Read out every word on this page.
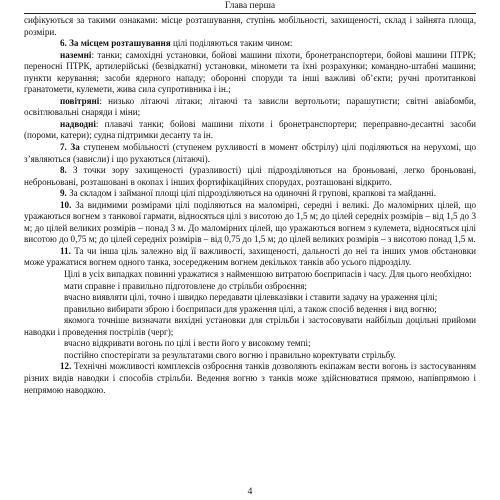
Глава перша

сифікуються за такими ознаками: місце розташування, ступінь мобільності, захищеності, склад і зайнята площа, розміри.

6. За місцем розташування цілі поділяються таким чином:

наземні: танки; самохідні установки, бойові машини піхоти, бронетранспортери, бойові машини ПТРК; переносні ПТРК, артилерійські (безвідкатні) установки, міномети та їхні розрахунки; командно-штабні машини; пункти керування; засоби ядерного нападу; оборонні споруди та інші важливі об’єкти; ручні протитанкові гранатомети, кулемети, жива сила супротивника і ін.;

повітряні: низько літаючі літаки; літаючі та зависли вертольоти; парашутисти; світні авіабомби, освітлювальні снаряди і міни;

надводні: плавачі танки; бойові машини піхоти і бронетранспортери; переправно-десантні засоби (пороми, катери); судна підтримки десанту та ін.

7. За ступенем мобільності (ступенем рухливості в момент обстрілу) цілі поділяються на нерухомі, що з’являються (зависли) і що рухаються (літаючі).

8. З точки зору захищеності (уразливості) цілі підрозділяються на броньовані, легко броньовані, неброньовані, розташовані в окопах і інших фортифікаційних спорудах, розташовані відкрито.

9. За складом і займаної площі цілі підрозділяються на одиночні й групові, крапкові та майданні.

10. За видимими розмірами цілі поділяються на маломірні, середні і великі. До маломірних цілей, що уражаються вогнем з танкової гармати, відносяться цілі з висотою до 1,5 м; до цілей середніх розмірів – від 1,5 до 3 м; до цілей великих розмірів – понад 3 м. До маломірних цілей, що уражаються вогнем з кулемета, відносяться цілі висотою до 0,75 м; до цілей середніх розмірів – від 0,75 до 1,5 м; до цілей великих розмірів – з висотою понад 1,5 м.

11. Та чи інша ціль залежно від її важливості, захищеності, дальності до неї та інших умов обстановки може уражатися вогнем одного танка, зосередженим вогнем декількох танків або усього підрозділу.

Цілі в усіх випадках повинні уражатися з найменшою витратою боєприпасів і часу. Для цього необхідно:

мати справне і правильно підготовлене до стрільби озброєння;

вчасно виявляти цілі, точно і швидко передавати цілевказівки і ставити задачу на ураження цілі;

правильно вибирати зброю і боєприпаси для ураження цілі, а також спосіб ведення і вид вогню;

якомога точніше визначати вихідні установки для стрільби і застосовувати найбільш доцільні прийоми наводки і проведення пострілів (черг);

вчасно відкривати вогонь по цілі і вести його у високому темпі;

постійно спостерігати за результатами свого вогню і правильно коректувати стрільбу.

12. Технічні можливості комплексів озброєння танків дозволяють екіпажам вести вогонь із застосуванням різних видів наводки і способів стрільби. Ведення вогню з танків може здійснюватися прямою, напівпрямою і непрямою наводкою.

4
